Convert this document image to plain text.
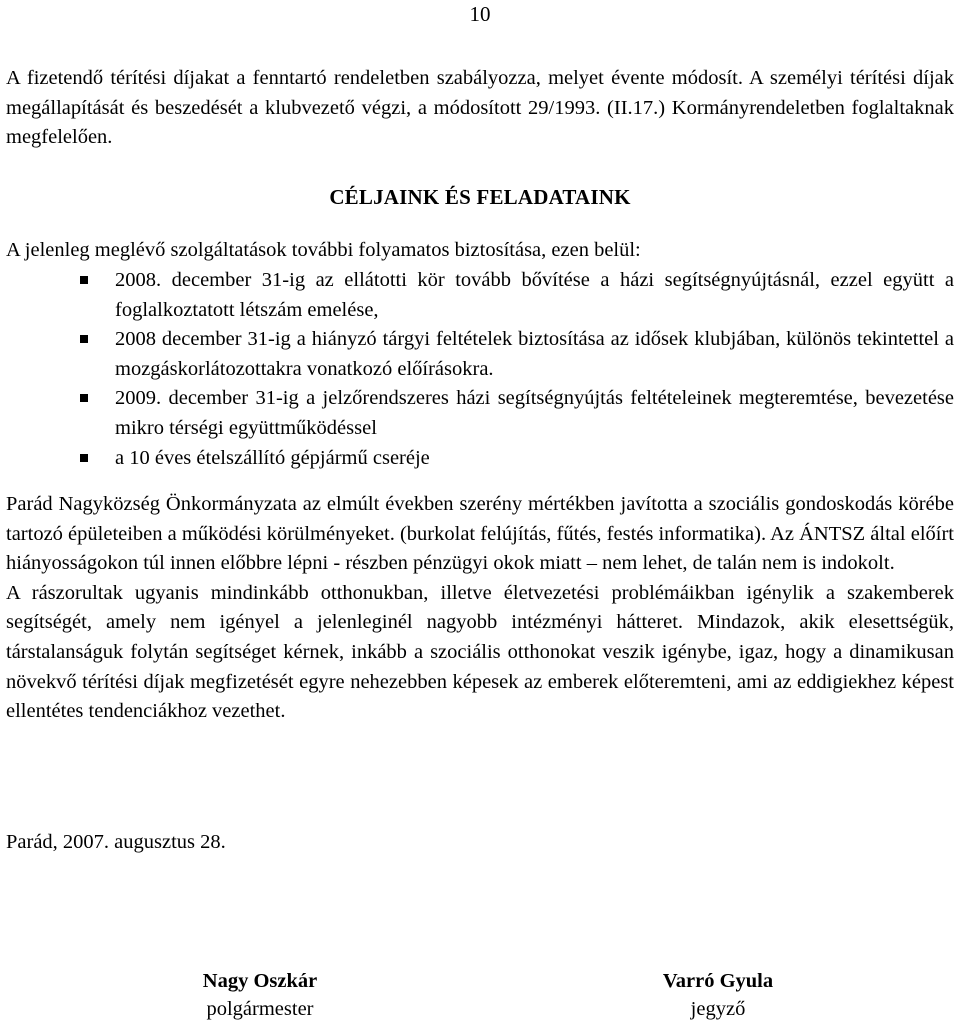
10

A fizetendő térítési díjakat a fenntartó rendeletben szabályozza, melyet évente módosít. A személyi térítési díjak megállapítását és beszedését a klubvezető végzi, a módosított 29/1993. (II.17.) Kormányrendeletben foglaltaknak megfelelően.

CÉLJAINK ÉS FELADATAINK

A jelenleg meglévő szolgáltatások további folyamatos biztosítása, ezen belül:

2008. december 31-ig az ellátotti kör tovább bővítése a házi segítségnyújtásnál, ezzel együtt a foglalkoztatott létszám emelése,
2008 december 31-ig a hiányzó tárgyi feltételek biztosítása az idősek klubjában, különös tekintettel a mozgáskorlátozottakra vonatkozó előírásokra.
2009. december 31-ig a jelzőrendszeres házi segítségnyújtás feltételeinek megteremtése, bevezetése mikro térségi együttműködéssel
a 10 éves ételszállító gépjármű cseréje
Parád Nagyközség Önkormányzata az elmúlt években szerény mértékben javította a szociális gondoskodás körébe tartozó épületeiben a működési körülményeket. (burkolat felújítás, fűtés, festés informatika). Az ÁNTSZ által előírt hiányosságokon túl innen előbbre lépni - részben pénzügyi okok miatt – nem lehet, de talán nem is indokolt.
A rászorultak ugyanis mindinkább otthonukban, illetve életvezetési problémáikban igénylik a szakemberek segítségét, amely nem igényel a jelenleginél nagyobb intézményi hátteret. Mindazok, akik elesettségük, társtalanságuk folytán segítséget kérnek, inkább a szociális otthonokat veszik igénybe, igaz, hogy a dinamikusan növekvő térítési díjak megfizetését egyre nehezebben képesek az emberek előteremteni, ami az eddigiekhez képest ellentétes tendenciákhoz vezethet.

Parád, 2007. augusztus 28.

Nagy Oszkár
polgármester
Varró Gyula
jegyző
